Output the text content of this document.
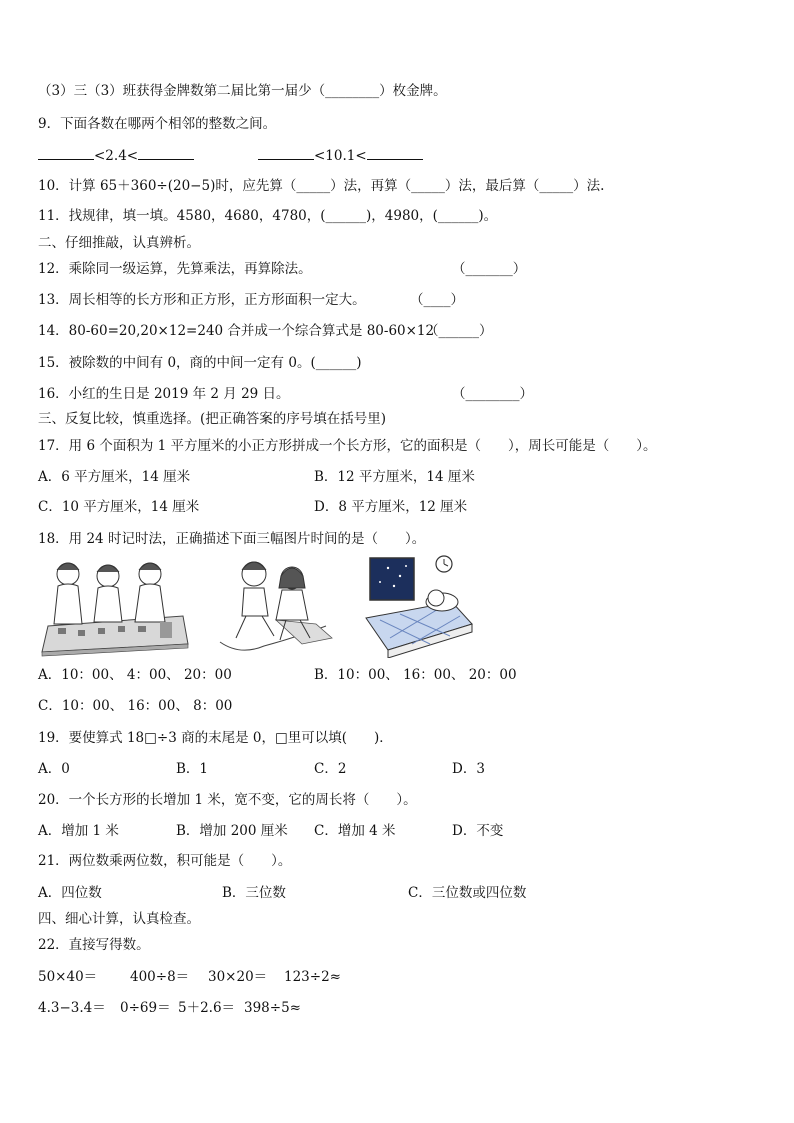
（3）三（3）班获得金牌数第二届比第一届少（________）枚金牌。
9．下面各数在哪两个相邻的整数之间。
<2.4<	<10.1<
10．计算 65＋360÷(20−5)时，应先算（_____）法，再算（_____）法，最后算（_____）法.
11．找规律，填一填。4580，4680，4780，(______)，4980，(______)。
二、仔细推敲，认真辨析。
12．乘除同一级运算，先算乘法，再算除法。	（_______）
13．周长相等的长方形和正方形，正方形面积一定大。	（____）
14．80-60=20,20×12=240 合并成一个综合算式是 80-60×12
（______）
15．被除数的中间有 0，商的中间一定有 0。(______)
16．小红的生日是 2019 年 2 月 29 日。	（________）
三、反复比较，慎重选择。(把正确答案的序号填在括号里)
17．用 6 个面积为 1 平方厘米的小正方形拼成一个长方形，它的面积是（　　），周长可能是（　　）。
A．6 平方厘米，14 厘米	B．12 平方厘米，14 厘米
C．10 平方厘米，14 厘米	D．8 平方厘米，12 厘米
18．用 24 时记时法，正确描述下面三幅图片时间的是（　　）。
A．10：00、 4：00、 20：00	B．10：00、 16：00、 20：00
C．10：00、 16：00、 8：00
19．要使算式 18□÷3 商的末尾是 0，□里可以填(　　)．
A．0	B．1	C．2	D．3
20．一个长方形的长增加 1 米，宽不变，它的周长将（　　）。
A．增加 1 米	B．增加 200 厘米 C．增加 4 米	D．不变
21．两位数乘两位数，积可能是（　　）。
A．四位数	B．三位数	C．三位数或四位数
四、细心计算，认真检查。
22．直接写得数。
50×40＝ 400÷8＝ 30×20＝ 123÷2≈
4.3−3.4＝ 0÷69＝ 5＋2.6＝ 398÷5≈
